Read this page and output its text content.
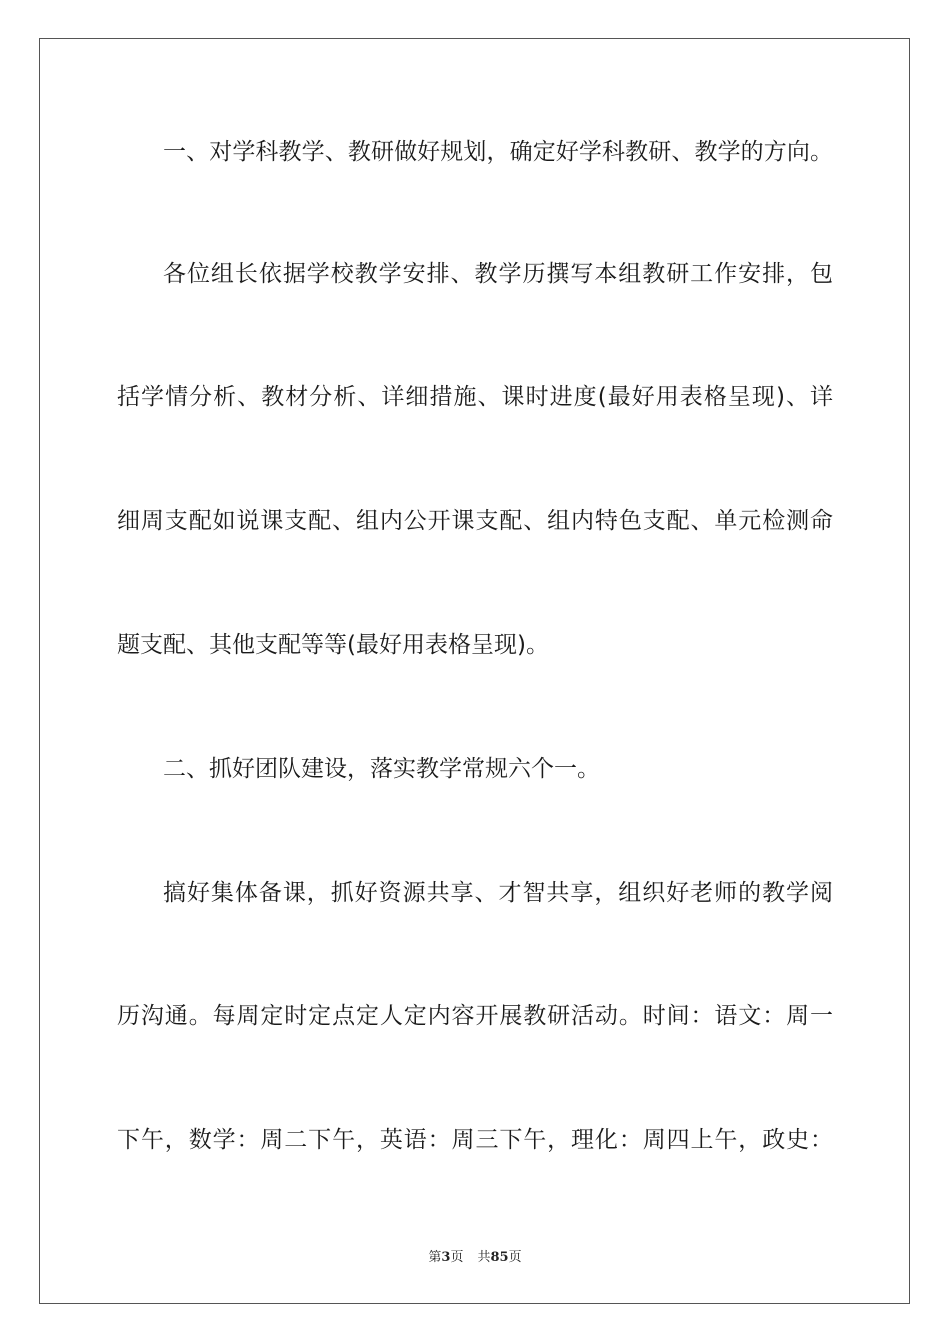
一、对学科教学、教研做好规划，确定好学科教研、教学的方向。
各位组长依据学校教学安排、教学历撰写本组教研工作安排，包
括学情分析、教材分析、详细措施、课时进度(最好用表格呈现)、详
细周支配如说课支配、组内公开课支配、组内特色支配、单元检测命
题支配、其他支配等等(最好用表格呈现)。
二、抓好团队建设，落实教学常规六个一。
搞好集体备课，抓好资源共享、才智共享，组织好老师的教学阅
历沟通。每周定时定点定人定内容开展教研活动。时间：语文：周一
下午，数学：周二下午，英语：周三下午，理化：周四上午，政史：
第3页 共85页
